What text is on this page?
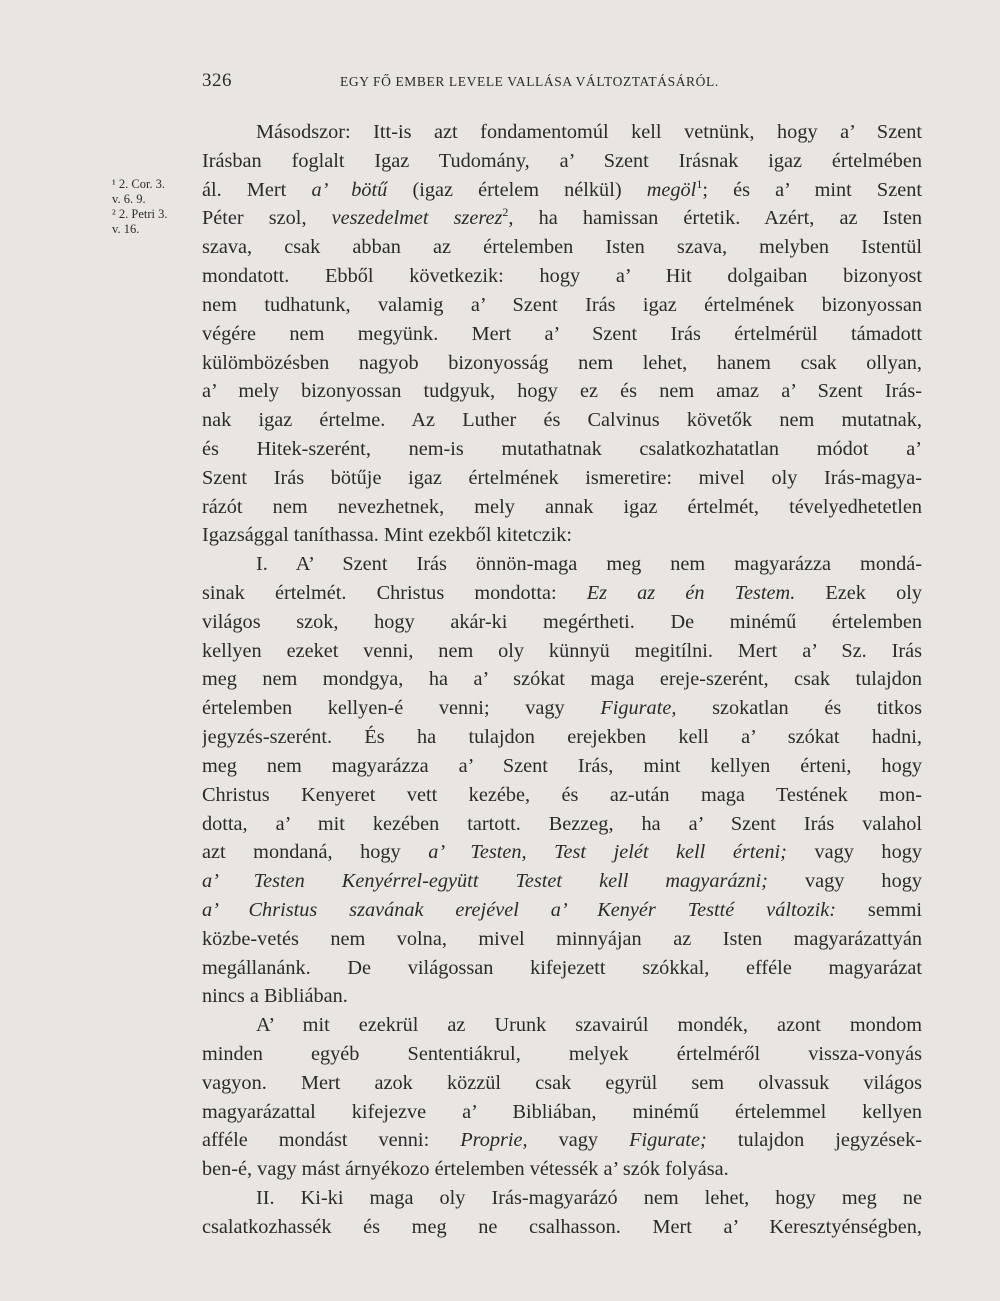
326	EGY FŐ EMBER LEVELE VALLÁSA VÁLTOZTATÁSÁRÓL.
¹ 2. Cor. 3.
v. 6. 9.
² 2. Petri 3.
v. 16.
Másodszor: Itt-is azt fondamentomúl kell vetnünk, hogy a’ Szent
Irásban foglalt Igaz Tudomány, a’ Szent Irásnak igaz értelmében
ál. Mert a’ bötű (igaz értelem nélkül) megöl$^1$; és a’ mint Szent
Péter szol, veszedelmet szerez$^2$, ha hamissan értetik. Azért, az Isten
szava, csak abban az értelemben Isten szava, melyben Istentül
mondatott. Ebből következik: hogy a’ Hit dolgaiban bizonyost
nem tudhatunk, valamig a’ Szent Irás igaz értelmének bizonyossan
végére nem megyünk. Mert a’ Szent Irás értelmérül támadott
külömbözésben nagyob bizonyosság nem lehet, hanem csak ollyan,
a’ mely bizonyossan tudgyuk, hogy ez és nem amaz a’ Szent Irás-
nak igaz értelme. Az Luther és Calvinus követők nem mutatnak,
és Hitek-szerént, nem-is mutathatnak csalatkozhatatlan módot a’
Szent Irás bötűje igaz értelmének ismeretire: mivel oly Irás-magya-
rázót nem nevezhetnek, mely annak igaz értelmét, tévelyedhetetlen
Igazsággal taníthassa. Mint ezekből kitetczik:
I. A’ Szent Irás önnön-maga meg nem magyarázza mondá-
sinak értelmét. Christus mondotta: Ez az én Testem. Ezek oly
világos szok, hogy akár-ki megértheti. De minémű értelemben
kellyen ezeket venni, nem oly künnyü megitílni. Mert a’ Sz. Irás
meg nem mondgya, ha a’ szókat maga ereje-szerént, csak tulajdon
értelemben kellyen-é venni; vagy Figurate, szokatlan és titkos
jegyzés-szerént. És ha tulajdon erejekben kell a’ szókat hadni,
meg nem magyarázza a’ Szent Irás, mint kellyen érteni, hogy
Christus Kenyeret vett kezébe, és az-után maga Testének mon-
dotta, a’ mit kezében tartott. Bezzeg, ha a’ Szent Irás valahol
azt mondaná, hogy a’ Testen, Test jelét kell érteni; vagy hogy
a’ Testen Kenyérrel-együtt Testet kell magyarázni; vagy hogy
a’ Christus szavának erejével a’ Kenyér Testté változik: semmi
közbe-vetés nem volna, mivel minnyájan az Isten magyarázattyán
megállanánk. De világossan kifejezett szókkal, efféle magyarázat
nincs a Bibliában.
A’ mit ezekrül az Urunk szavairúl mondék, azont mondom
minden egyéb Sententiákrul, melyek értelméről vissza-vonyás
vagyon. Mert azok közzül csak egyrül sem olvassuk világos
magyarázattal kifejezve a’ Bibliában, minémű értelemmel kellyen
afféle mondást venni: Proprie, vagy Figurate; tulajdon jegyzések-
ben-é, vagy mást árnyékozo értelemben vétessék a’ szók folyása.
II. Ki-ki maga oly Irás-magyarázó nem lehet, hogy meg ne
csalatkozhassék és meg ne csalhasson. Mert a’ Keresztyénségben,
